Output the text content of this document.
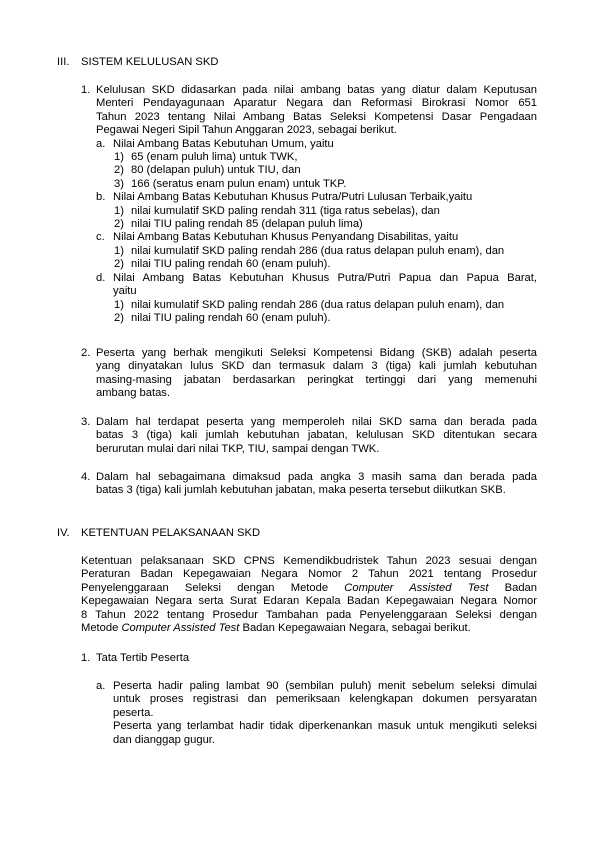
III. SISTEM KELULUSAN SKD
1. Kelulusan SKD didasarkan pada nilai ambang batas yang diatur dalam Keputusan
Menteri Pendayagunaan Aparatur Negara dan Reformasi Birokrasi Nomor 651
Tahun 2023 tentang Nilai Ambang Batas Seleksi Kompetensi Dasar Pengadaan
Pegawai Negeri Sipil Tahun Anggaran 2023, sebagai berikut.
a. Nilai Ambang Batas Kebutuhan Umum, yaitu
1) 65 (enam puluh lima) untuk TWK,
2) 80 (delapan puluh) untuk TIU, dan
3) 166 (seratus enam pulun enam) untuk TKP.
b. Nilai Ambang Batas Kebutuhan Khusus Putra/Putri Lulusan Terbaik,yaitu
1) nilai kumulatif SKD paling rendah 311 (tiga ratus sebelas), dan
2) nilai TIU paling rendah 85 (delapan puluh lima)
c. Nilai Ambang Batas Kebutuhan Khusus Penyandang Disabilitas, yaitu
1) nilai kumulatif SKD paling rendah 286 (dua ratus delapan puluh enam), dan
2) nilai TIU paling rendah 60 (enam puluh).
d. Nilai Ambang Batas Kebutuhan Khusus Putra/Putri Papua dan Papua Barat,
yaitu
1) nilai kumulatif SKD paling rendah 286 (dua ratus delapan puluh enam), dan
2) nilai TIU paling rendah 60 (enam puluh).
2. Peserta yang berhak mengikuti Seleksi Kompetensi Bidang (SKB) adalah peserta
yang dinyatakan lulus SKD dan termasuk dalam 3 (tiga) kali jumlah kebutuhan
masing-masing jabatan berdasarkan peringkat tertinggi dari yang memenuhi
ambang batas.
3. Dalam hal terdapat peserta yang memperoleh nilai SKD sama dan berada pada
batas 3 (tiga) kali jumlah kebutuhan jabatan, kelulusan SKD ditentukan secara
berurutan mulai dari nilai TKP, TIU, sampai dengan TWK.
4. Dalam hal sebagaimana dimaksud pada angka 3 masih sama dan berada pada
batas 3 (tiga) kali jumlah kebutuhan jabatan, maka peserta tersebut diikutkan SKB.
IV. KETENTUAN PELAKSANAAN SKD
Ketentuan pelaksanaan SKD CPNS Kemendikbudristek Tahun 2023 sesuai dengan
Peraturan Badan Kepegawaian Negara Nomor 2 Tahun 2021 tentang Prosedur
Penyelenggaraan Seleksi dengan Metode Computer Assisted Test Badan
Kepegawaian Negara serta Surat Edaran Kepala Badan Kepegawaian Negara Nomor
8 Tahun 2022 tentang Prosedur Tambahan pada Penyelenggaraan Seleksi dengan
Metode Computer Assisted Test Badan Kepegawaian Negara, sebagai berikut.
1. Tata Tertib Peserta
a. Peserta hadir paling lambat 90 (sembilan puluh) menit sebelum seleksi dimulai
untuk proses registrasi dan pemeriksaan kelengkapan dokumen persyaratan
peserta.
Peserta yang terlambat hadir tidak diperkenankan masuk untuk mengikuti seleksi
dan dianggap gugur.
